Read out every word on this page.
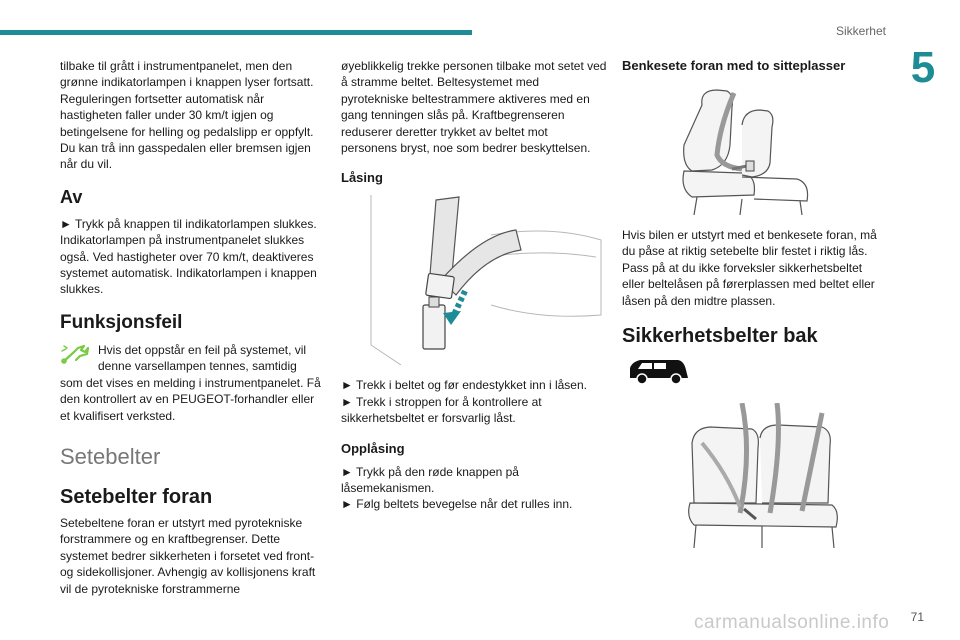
Sikkerhet
5

tilbake til grått i instrumentpanelet, men den grønne indikatorlampen i knappen lyser fortsatt. Reguleringen fortsetter automatisk når hastigheten faller under 30 km/t igjen og betingelsene for helling og pedalslipp er oppfylt. Du kan trå inn gasspedalen eller bremsen igjen når du vil.

Av

► Trykk på knappen til indikatorlampen slukkes. Indikatorlampen på instrumentpanelet slukkes også. Ved hastigheter over 70 km/t, deaktiveres systemet automatisk. Indikatorlampen i knappen slukkes.

Funksjonsfeil

Hvis det oppstår en feil på systemet, vil denne varsellampen tennes, samtidig

som det vises en melding i instrumentpanelet. Få den kontrollert av en PEUGEOT-forhandler eller et kvalifisert verksted.

Setebelter
Setebelter foran

Setebeltene foran er utstyrt med pyrotekniske forstrammere og en kraftbegrenser. Dette systemet bedrer sikkerheten i forsetet ved front- og sidekollisjoner. Avhengig av kollisjonens kraft vil de pyrotekniske forstrammerne

øyeblikkelig trekke personen tilbake mot setet ved å stramme beltet. Beltesystemet med pyrotekniske beltestrammere aktiveres med en gang tenningen slås på. Kraftbegrenseren reduserer deretter trykket av beltet mot personens bryst, noe som bedrer beskyttelsen.

Låsing

► Trekk i beltet og før endestykket inn i låsen.

► Trekk i stroppen for å kontrollere at sikkerhetsbeltet er forsvarlig låst.

Opplåsing

► Trykk på den røde knappen på låsemekanismen.

► Følg beltets bevegelse når det rulles inn.

Benkesete foran med to sitteplasser

Hvis bilen er utstyrt med et benkesete foran, må du påse at riktig setebelte blir festet i riktig lås. Pass på at du ikke forveksler sikkerhetsbeltet eller beltelåsen på førerplassen med beltet eller låsen på den midtre plassen.

Sikkerhetsbelter bak
71
carmanualsonline.info
